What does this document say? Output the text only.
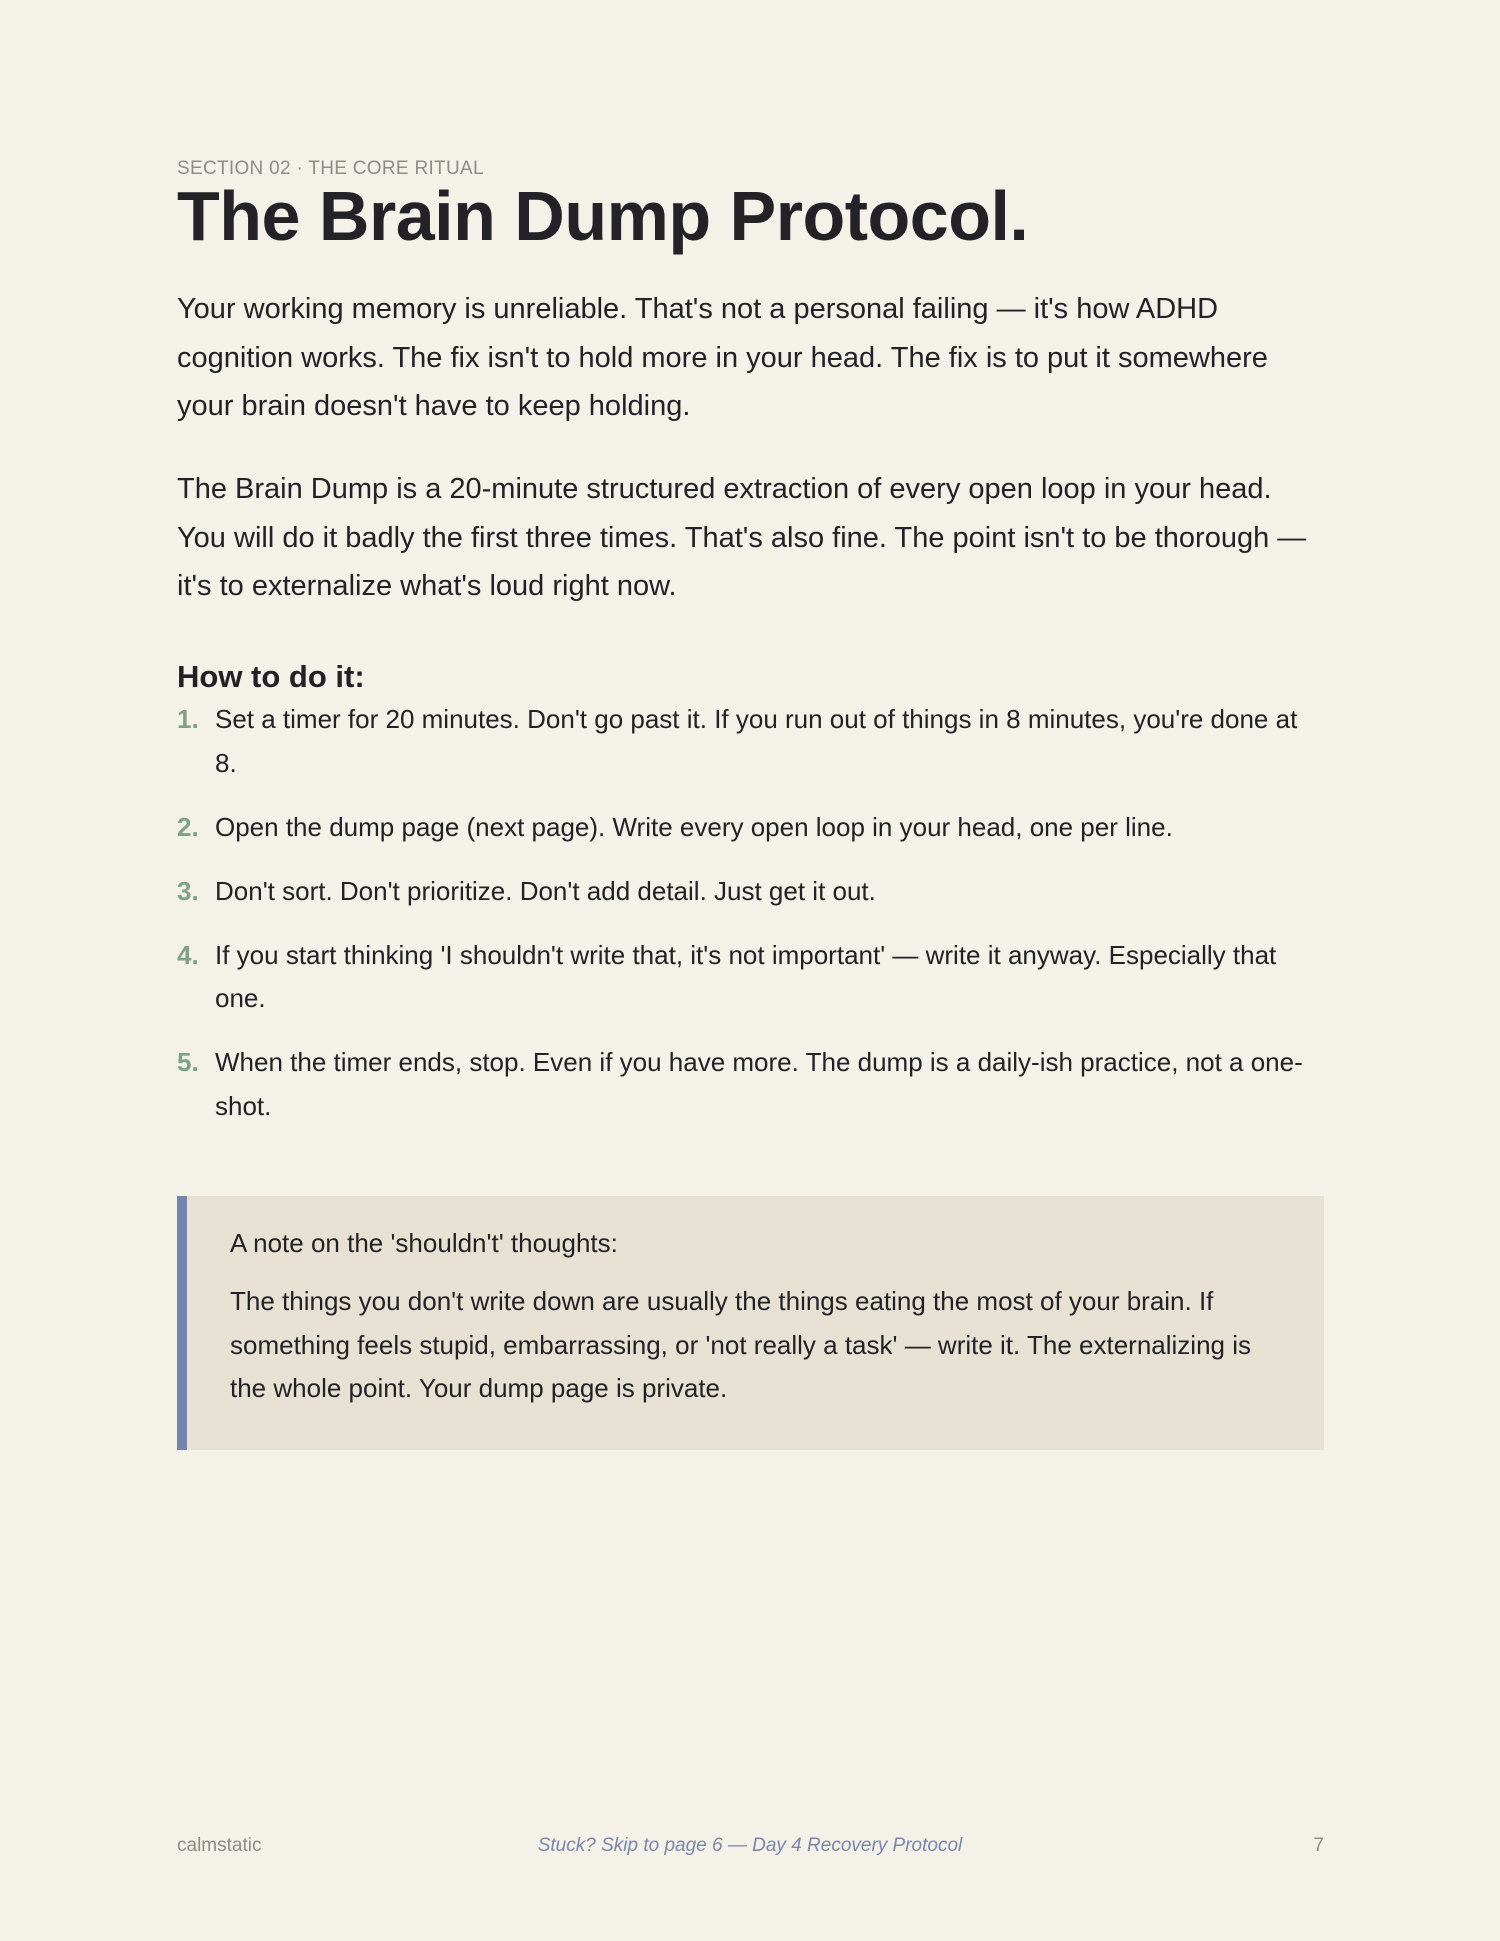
SECTION 02 · THE CORE RITUAL
The Brain Dump Protocol.

Your working memory is unreliable. That's not a personal failing — it's how ADHD cognition works. The fix isn't to hold more in your head. The fix is to put it somewhere your brain doesn't have to keep holding.

The Brain Dump is a 20-minute structured extraction of every open loop in your head. You will do it badly the first three times. That's also fine. The point isn't to be thorough — it's to externalize what's loud right now.

How to do it:
1. Set a timer for 20 minutes. Don't go past it. If you run out of things in 8 minutes, you're done at 8.
2. Open the dump page (next page). Write every open loop in your head, one per line.
3. Don't sort. Don't prioritize. Don't add detail. Just get it out.
4. If you start thinking 'I shouldn't write that, it's not important' — write it anyway. Especially that one.
5. When the timer ends, stop. Even if you have more. The dump is a daily-ish practice, not a one-shot.

A note on the 'shouldn't' thoughts:

The things you don't write down are usually the things eating the most of your brain. If something feels stupid, embarrassing, or 'not really a task' — write it. The externalizing is the whole point. Your dump page is private.

calmstatic	Stuck? Skip to page 6 — Day 4 Recovery Protocol	7
